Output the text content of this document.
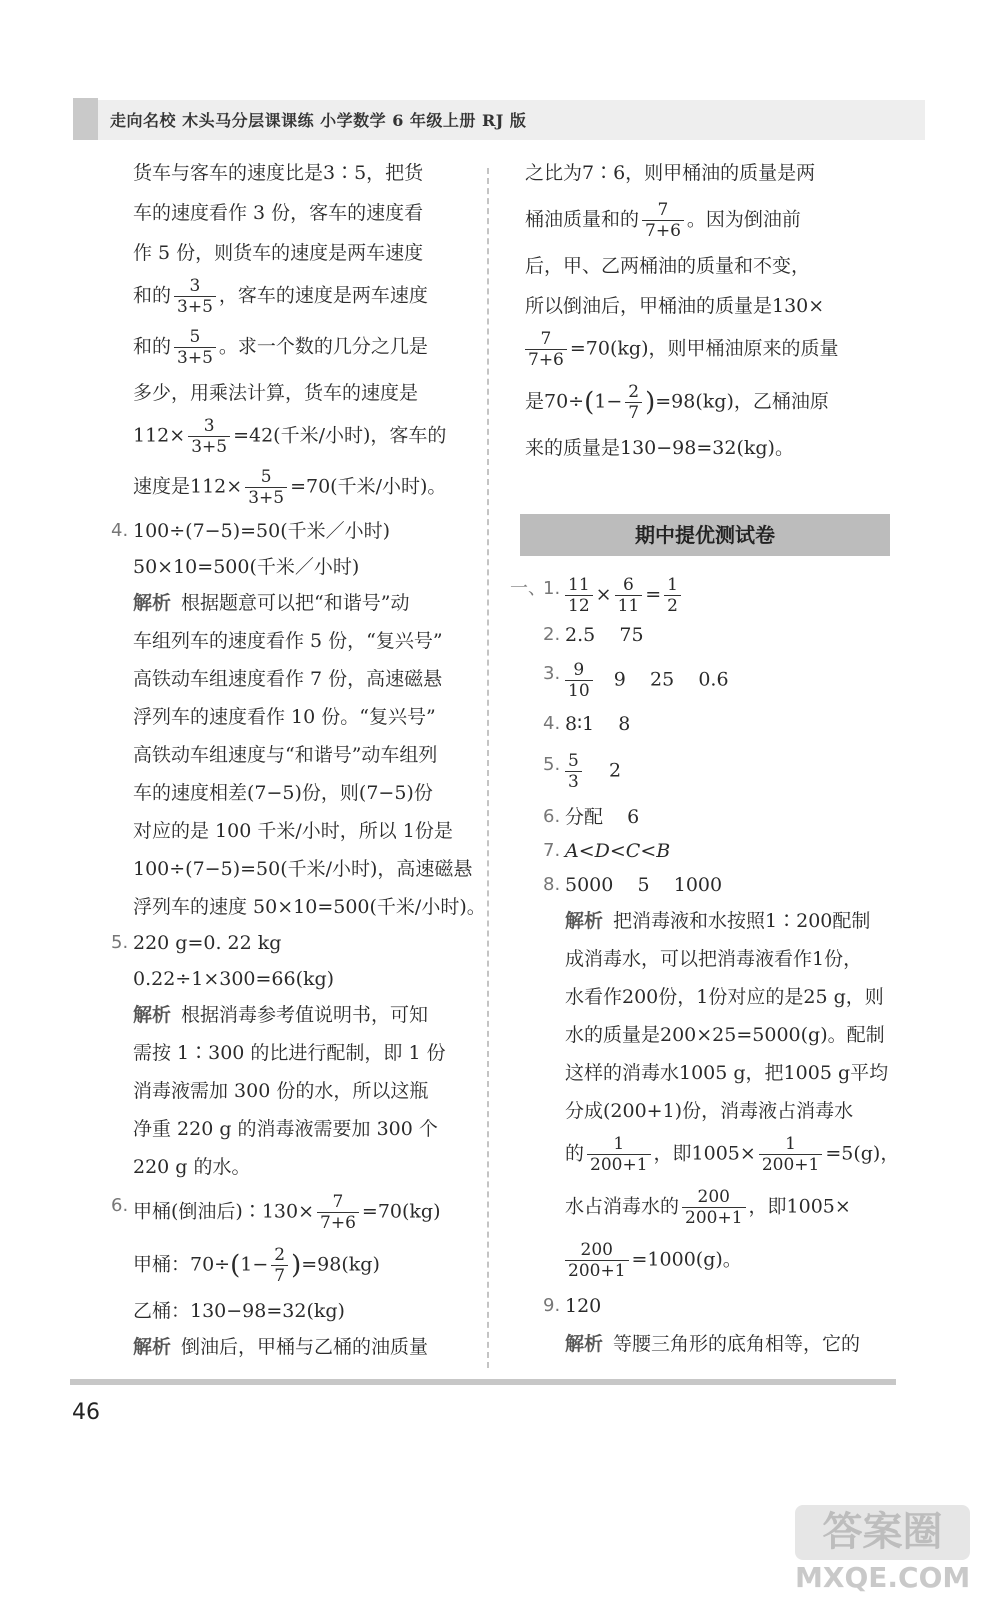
走向名校 木头马分层课课练 小学数学 6 年级上册 RJ 版

货车与客车的速度比是3∶5，把货

车的速度看作 3 份，客车的速度看

作 5 份，则货车的速度是两车速度

和的 $\frac{3}{3+5}$ ，客车的速度是两车速度

和的 $\frac{5}{3+5}$ 。求一个数的几分之几是

多少，用乘法计算，货车的速度是

$112\times \frac{3}{3+5} =42$(千米/小时)，客车的

速度是$112\times \frac{5}{3+5} =70$(千米/小时)。

4. 100÷(7−5)=50(千米／小时)

50×10=500(千米／小时)

解析 根据题意可以把“和谐号”动

车组列车的速度看作 5 份，“复兴号”

高铁动车组速度看作 7 份，高速磁悬

浮列车的速度看作 10 份。“复兴号”

高铁动车组速度与“和谐号”动车组列

车的速度相差(7−5)份，则(7−5)份

对应的是 100 千米/小时，所以 1份是

100÷(7−5)=50(千米/小时)，高速磁悬

浮列车的速度 50×10=500(千米/小时)。

5. 220 g=0. 22 kg

0.22÷1×300=66(kg)

解析 根据消毒参考值说明书，可知

需按 1∶300 的比进行配制，即 1 份

消毒液需加 300 份的水，所以这瓶

净重 220 g 的消毒液需要加 300 个

220 g 的水。

6. 甲桶(倒油后)∶130× $\frac{7}{7+6} =70(kg)$

甲桶：$70\div(1- \frac{2}{7} )=98(kg)$

乙桶：130−98=32(kg)

解析 倒油后，甲桶与乙桶的油质量

之比为7∶6，则甲桶油的质量是两

桶油质量和的 $\frac{7}{7+6}$ 。因为倒油前

后，甲、乙两桶油的质量和不变，

所以倒油后，甲桶油的质量是130×

$\frac{7}{7+6} =70(kg)$，则甲桶油原来的质量

是$70\div(1- \frac{2}{7} )=98(kg)$，乙桶油原

来的质量是130−98=32(kg)。

期中提优测试卷

一、
1. $\frac{11}{12} \times \frac{6}{11} = \frac{1}{2}$

2. 2.5    75

3. $\frac{9}{10} 9$    25    0.6

4. 8∶1    8

5. $\frac{5}{3} 2$

6. 分配    6

7. A<D<C<B

8. 5000    5    1000

解析 把消毒液和水按照1∶200配制

成消毒水，可以把消毒液看作1份，

水看作200份，1份对应的是25 g，则

水的质量是200×25=5000(g)。配制

这样的消毒水1005 g，把1005 g平均

分成(200+1)份，消毒液占消毒水

的 $\frac{1}{200+1}$ ，即$1005\times \frac{1}{200+1} =5(g)$，

水占消毒水的 $\frac{200}{200+1}$ ，即1005×

$\frac{200}{200+1} =1000(g)$。

9. 120

解析 等腰三角形的底角相等，它的

46
答案圈
MXQE.COM
